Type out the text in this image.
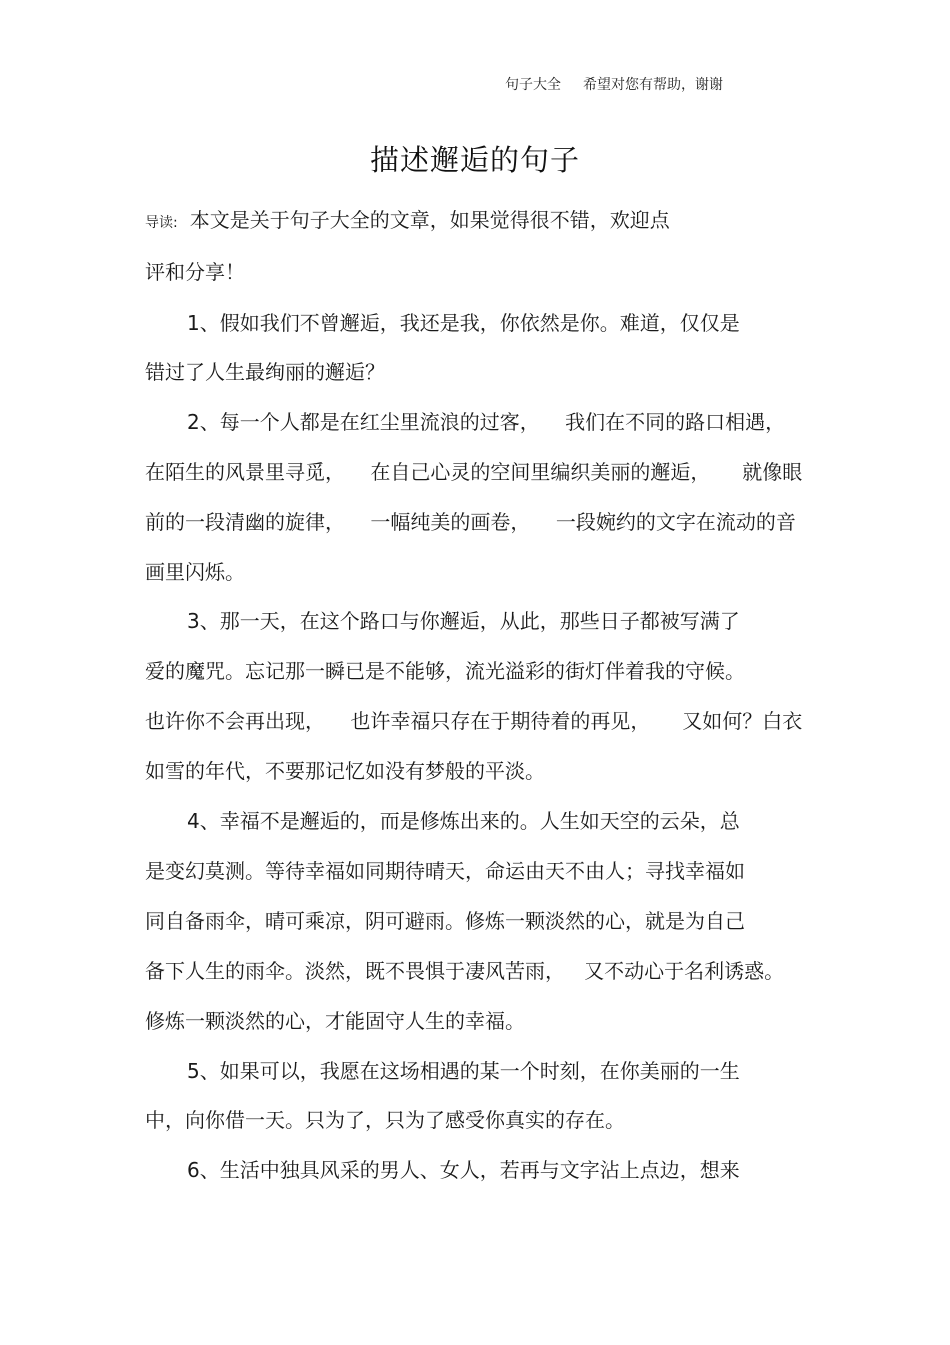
句子大全 希望对您有帮助，谢谢
描述邂逅的句子
导读: 本文是关于句子大全的文章，如果觉得很不错，欢迎点
评和分享！
1、假如我们不曾邂逅，我还是我，你依然是你。难道，仅仅是
错过了人生最绚丽的邂逅？
2、每一个人都是在红尘里流浪的过客，    我们在不同的路口相遇，
在陌生的风景里寻觅，    在自己心灵的空间里编织美丽的邂逅，     就像眼
前的一段清幽的旋律，    一幅纯美的画卷，    一段婉约的文字在流动的音
画里闪烁。
3、那一天，在这个路口与你邂逅，从此，那些日子都被写满了
爱的魔咒。忘记那一瞬已是不能够，流光溢彩的街灯伴着我的守候。
也许你不会再出现，    也许幸福只存在于期待着的再见，     又如何？白衣
如雪的年代，不要那记忆如没有梦般的平淡。
4、幸福不是邂逅的，而是修炼出来的。人生如天空的云朵，总
是变幻莫测。等待幸福如同期待晴天，命运由天不由人；寻找幸福如
同自备雨伞，晴可乘凉，阴可避雨。修炼一颗淡然的心，就是为自己
备下人生的雨伞。淡然，既不畏惧于凄风苦雨，   又不动心于名利诱惑。
修炼一颗淡然的心，才能固守人生的幸福。
5、如果可以，我愿在这场相遇的某一个时刻，在你美丽的一生
中，向你借一天。只为了，只为了感受你真实的存在。
6、生活中独具风采的男人、女人，若再与文字沾上点边，想来
